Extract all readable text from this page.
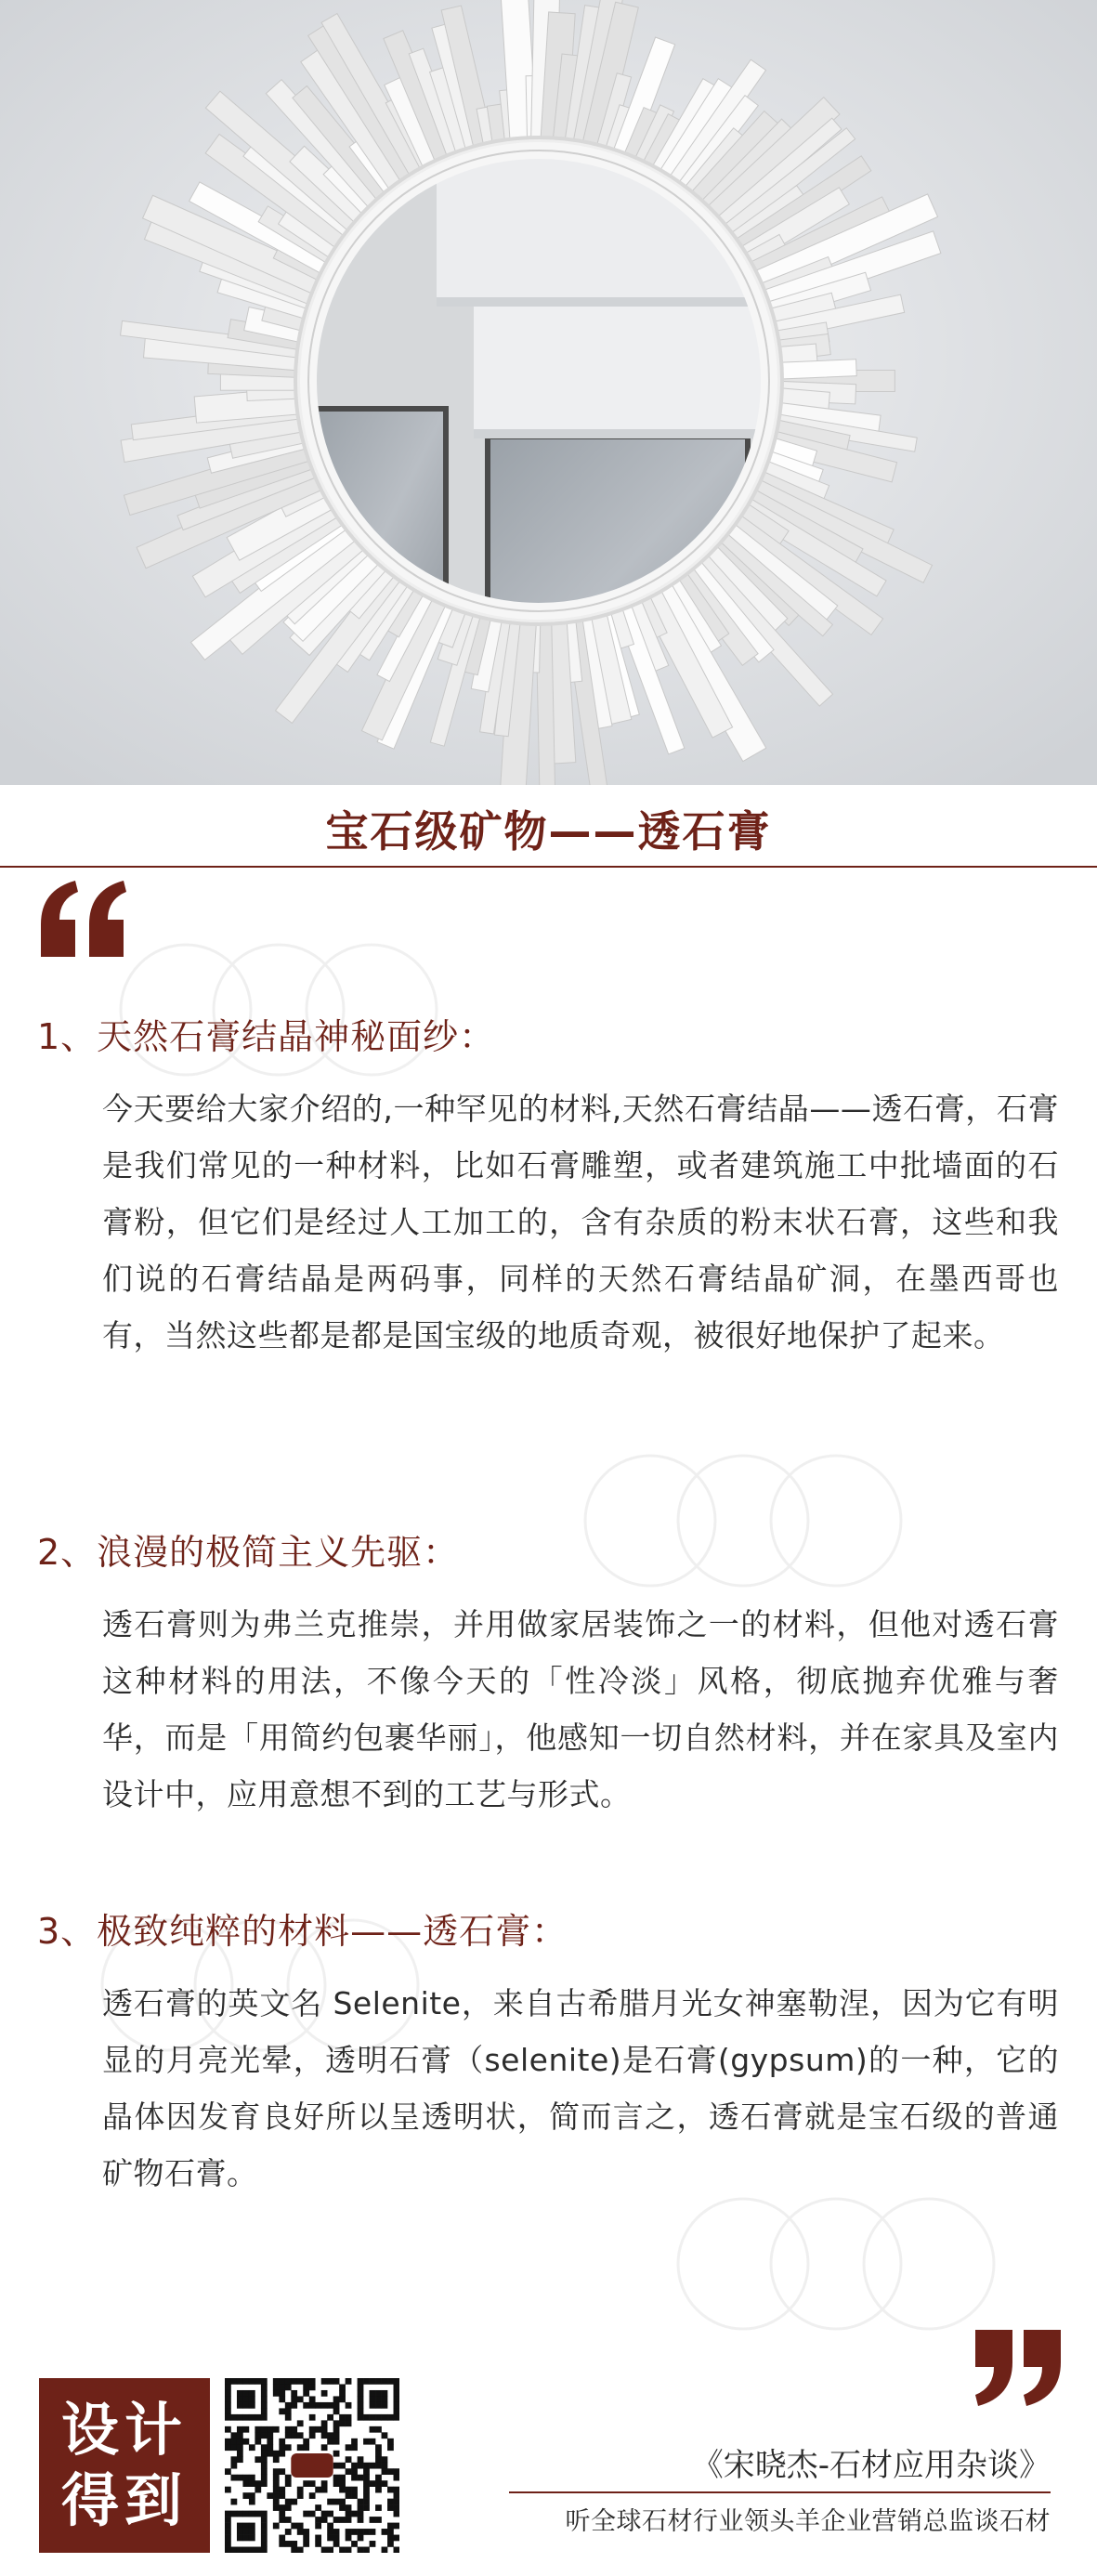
宝石级矿物——透石膏
1、天然石膏结晶神秘面纱：
今天要给大家介绍的,一种罕见的材料,天然石膏结晶——透石膏，石膏是我们常见的一种材料，比如石膏雕塑，或者建筑施工中批墙面的石膏粉，但它们是经过人工加工的，含有杂质的粉末状石膏，这些和我们说的石膏结晶是两码事，同样的天然石膏结晶矿洞，在墨西哥也有，当然这些都是都是国宝级的地质奇观，被很好地保护了起来。
2、浪漫的极简主义先驱：
透石膏则为弗兰克推崇，并用做家居装饰之一的材料，但他对透石膏这种材料的用法，不像今天的「性冷淡」风格，彻底抛弃优雅与奢华，而是「用简约包裹华丽」，他感知一切自然材料，并在家具及室内设计中，应用意想不到的工艺与形式。
3、极致纯粹的材料——透石膏：
透石膏的英文名 Selenite，来自古希腊月光女神塞勒涅，因为它有明显的月亮光晕，透明石膏（selenite)是石膏(gypsum)的一种，它的晶体因发育良好所以呈透明状，简而言之，透石膏就是宝石级的普通矿物石膏。
设计
得到
《宋晓杰-石材应用杂谈》
听全球石材行业领头羊企业营销总监谈石材
